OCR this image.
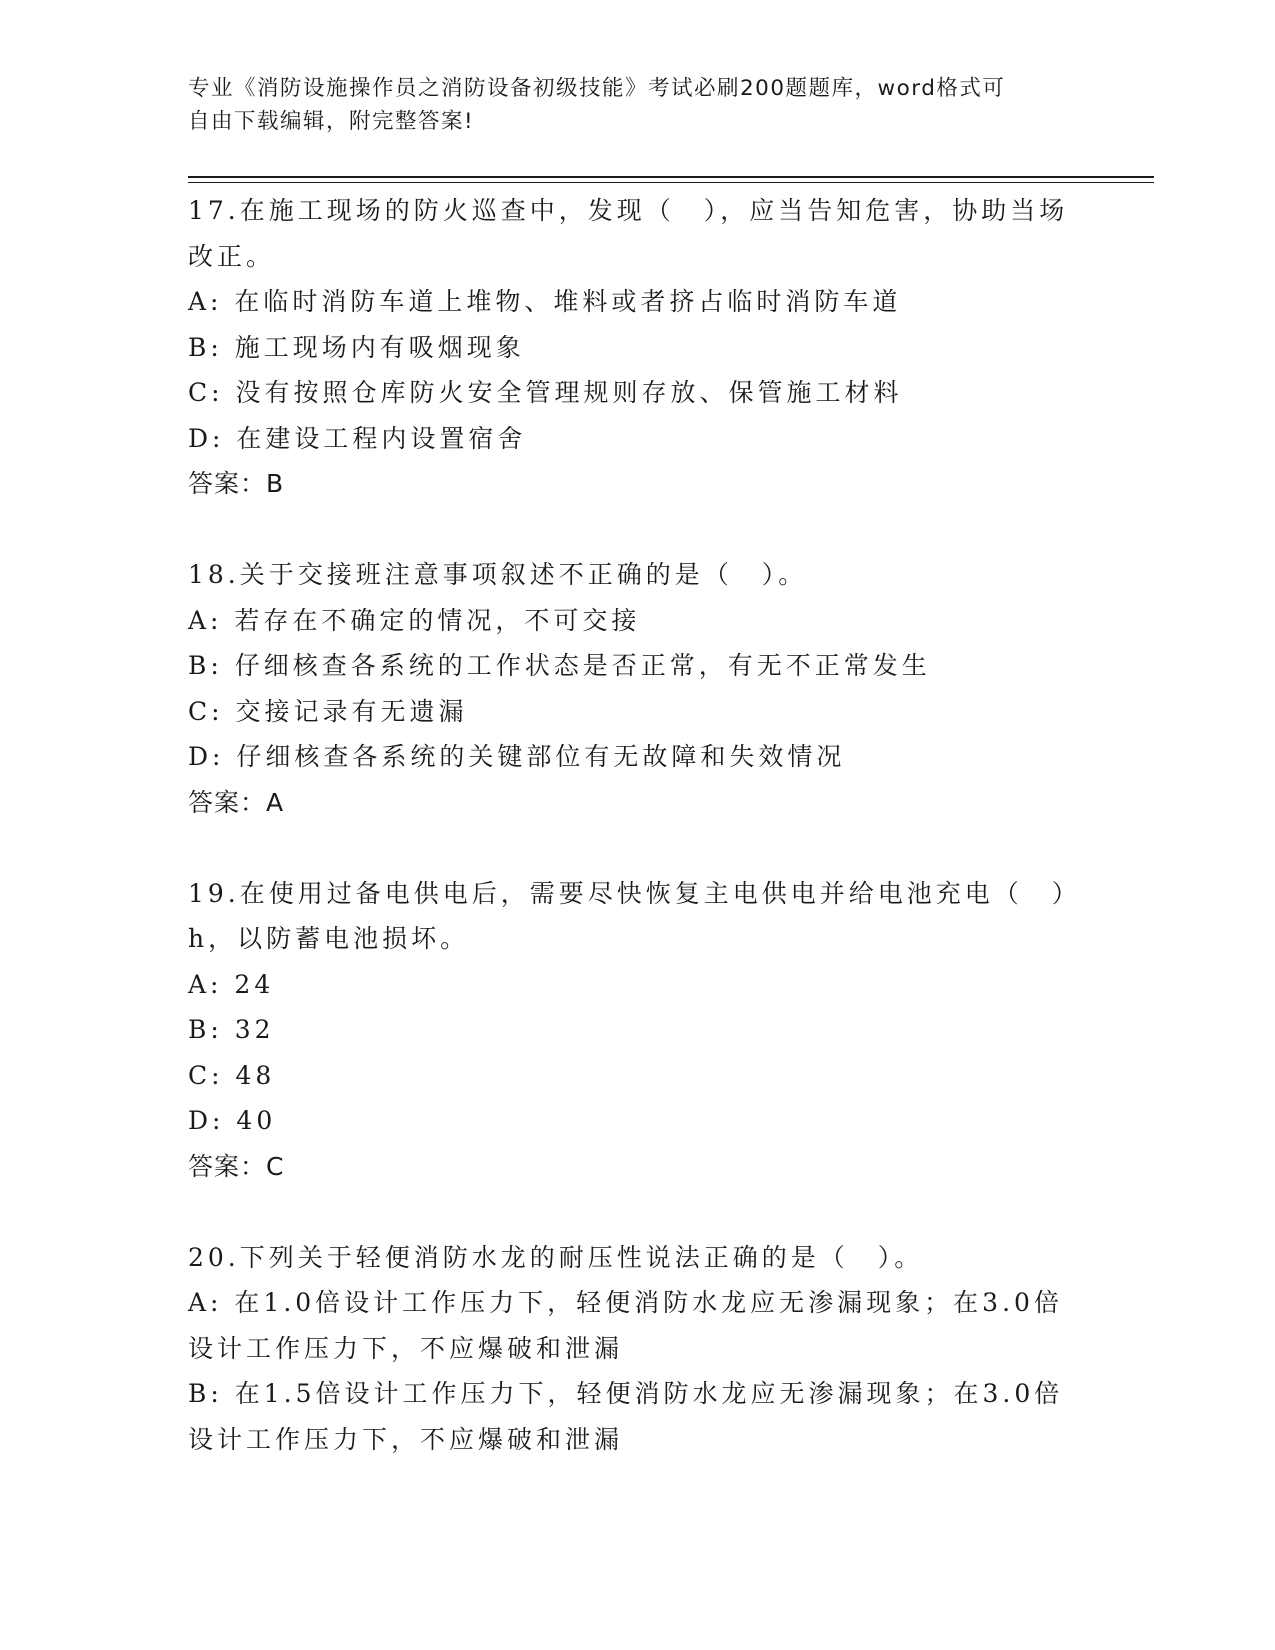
专业《消防设施操作员之消防设备初级技能》考试必刷200题题库，word格式可
自由下载编辑，附完整答案!
17.在施工现场的防火巡查中，发现（　），应当告知危害，协助当场
改正。
A: 在临时消防车道上堆物、堆料或者挤占临时消防车道
B: 施工现场内有吸烟现象
C: 没有按照仓库防火安全管理规则存放、保管施工材料
D: 在建设工程内设置宿舍
答案：B
18.关于交接班注意事项叙述不正确的是（　）。
A: 若存在不确定的情况，不可交接
B: 仔细核查各系统的工作状态是否正常，有无不正常发生
C: 交接记录有无遗漏
D: 仔细核查各系统的关键部位有无故障和失效情况
答案：A
19.在使用过备电供电后，需要尽快恢复主电供电并给电池充电（　）
h，以防蓄电池损坏。
A: 24
B: 32
C: 48
D: 40
答案：C
20.下列关于轻便消防水龙的耐压性说法正确的是（　）。
A: 在1.0倍设计工作压力下，轻便消防水龙应无渗漏现象；在3.0倍
设计工作压力下，不应爆破和泄漏
B: 在1.5倍设计工作压力下，轻便消防水龙应无渗漏现象；在3.0倍
设计工作压力下，不应爆破和泄漏
